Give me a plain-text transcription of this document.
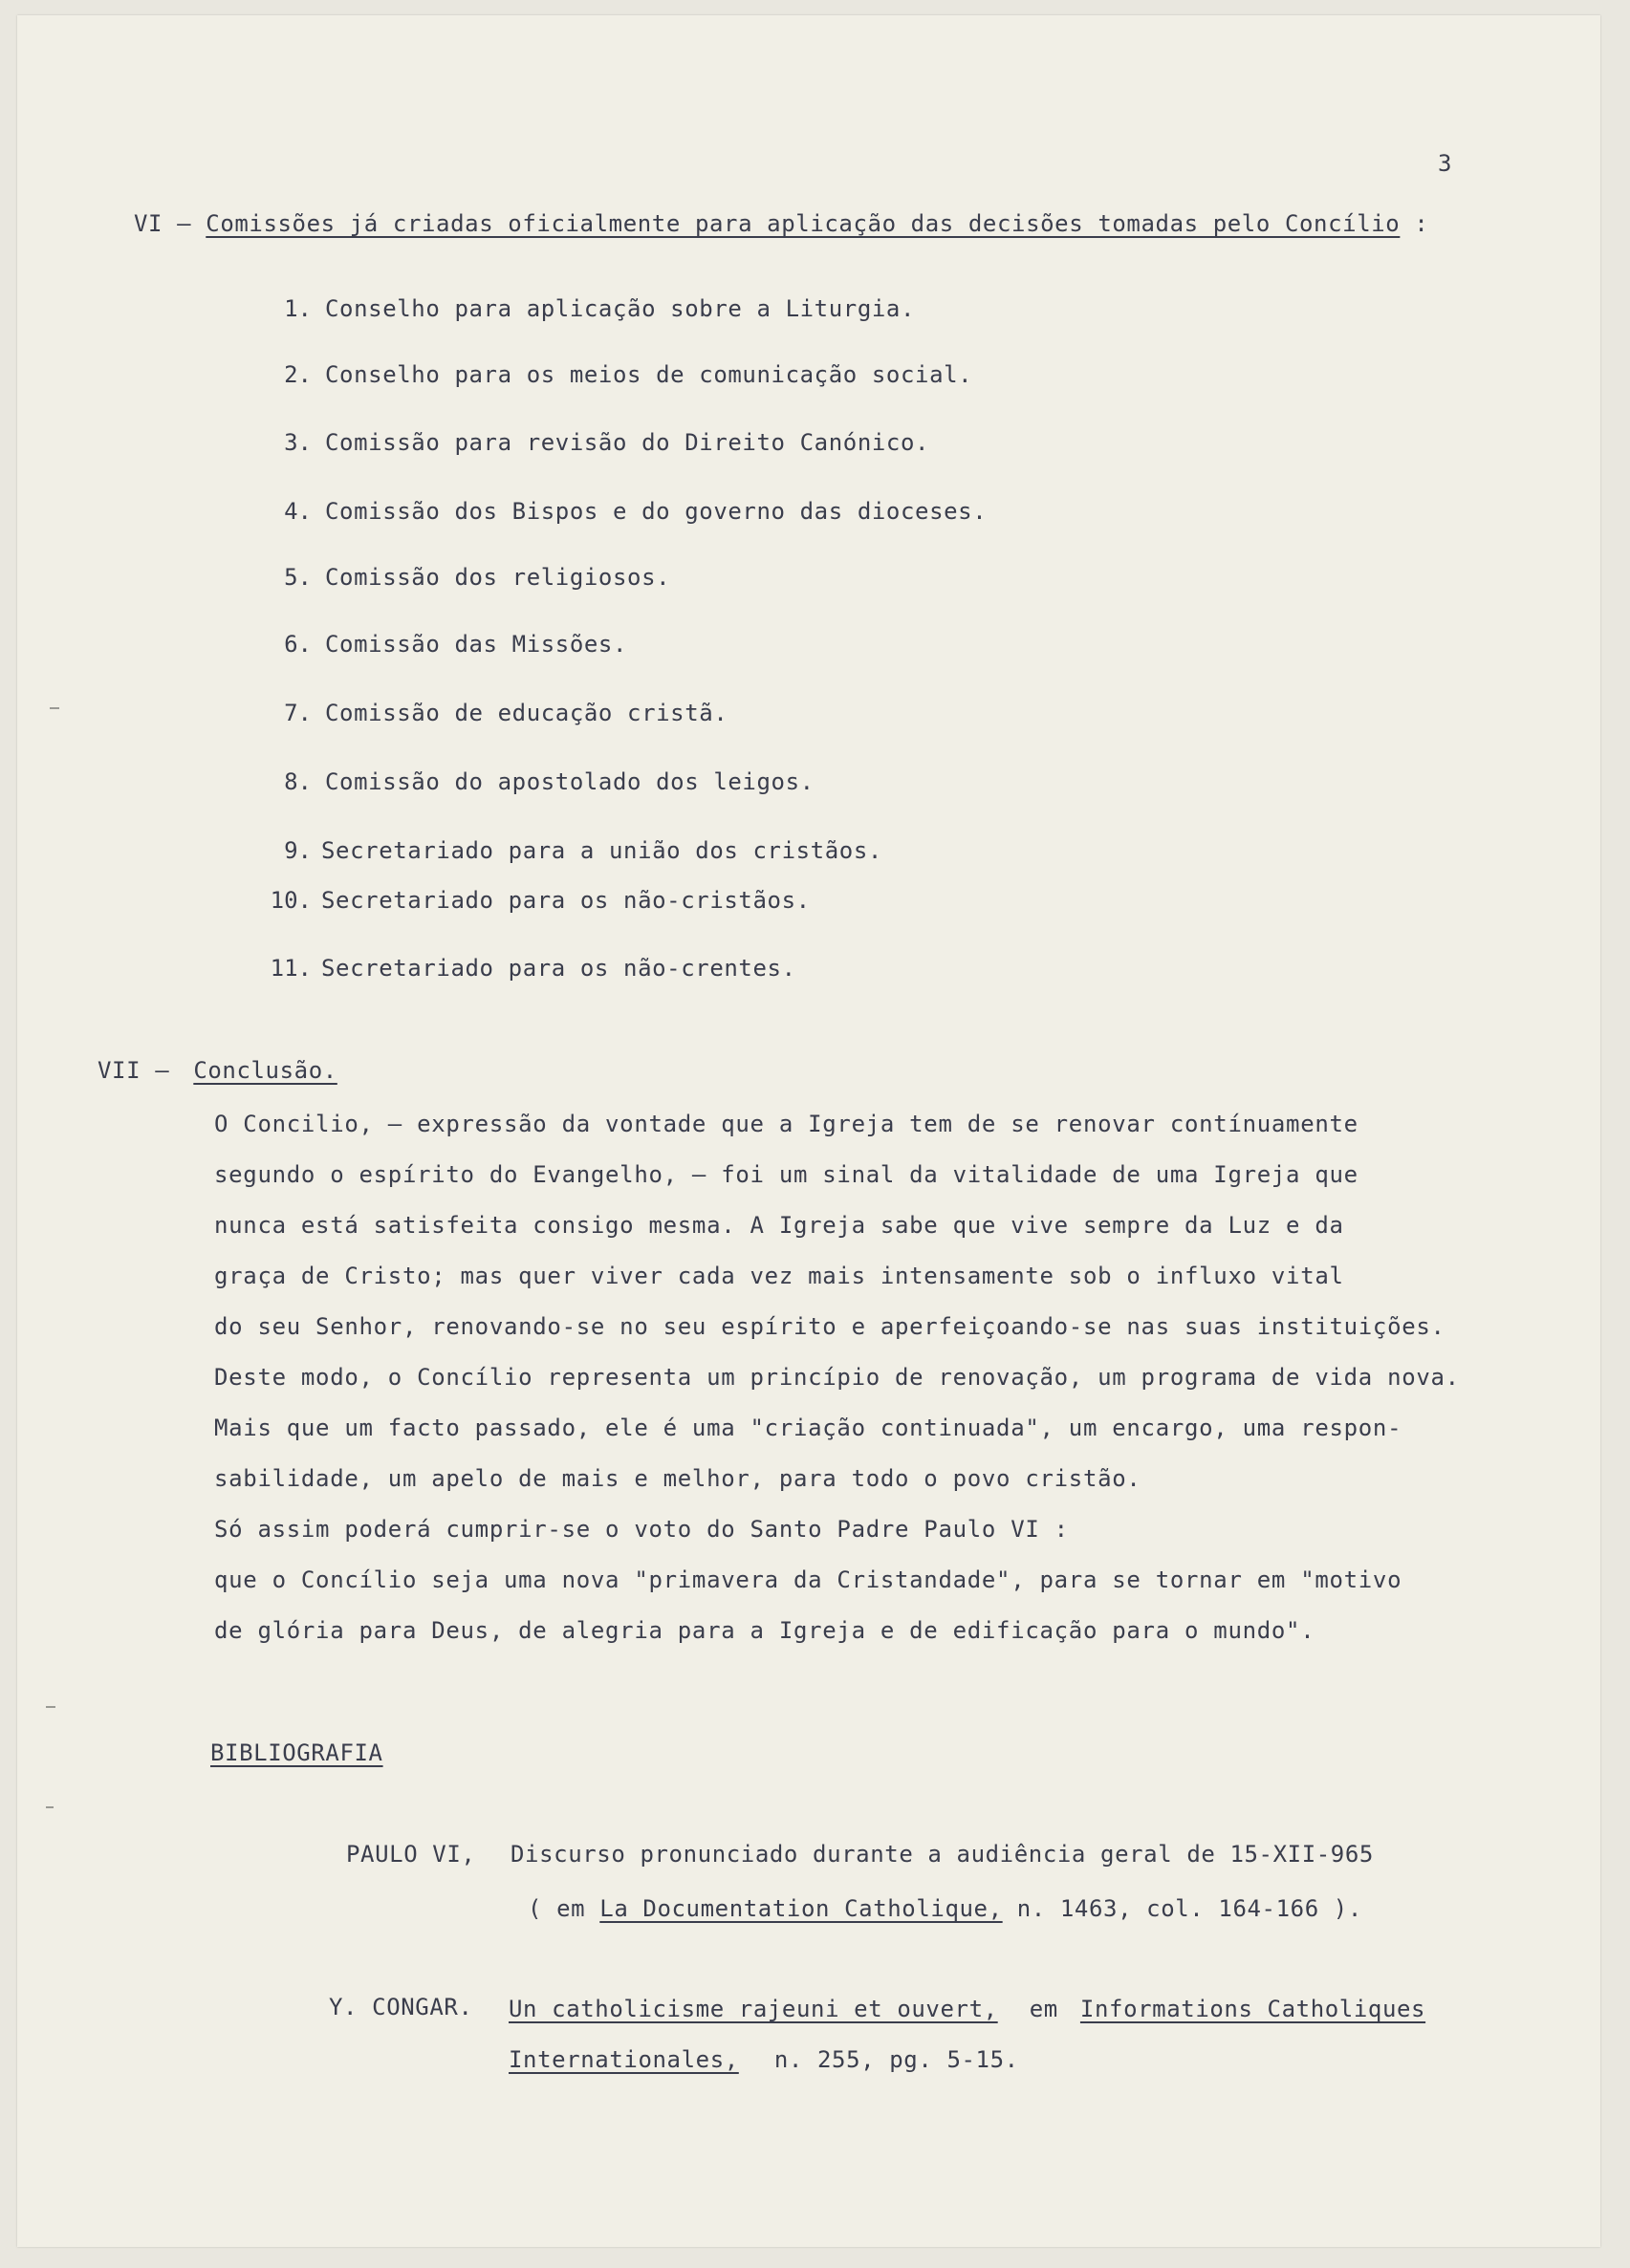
3
VI – Comissões já criadas oficialmente para aplicação das decisões tomadas pelo Concílio :
1. Conselho para aplicação sobre a Liturgia.
2. Conselho para os meios de comunicação social.
3. Comissão para revisão do Direito Canónico.
4. Comissão dos Bispos e do governo das dioceses.
5. Comissão dos religiosos.
6. Comissão das Missões.
7. Comissão de educação cristã.
8. Comissão do apostolado dos leigos.
9. Secretariado para a união dos cristãos.
10. Secretariado para os não-cristãos.
11. Secretariado para os não-crentes.
VII – Conclusão.
O Concilio, – expressão da vontade que a Igreja tem de se renovar contínuamente
segundo o espírito do Evangelho, – foi um sinal da vitalidade de uma Igreja que
nunca está satisfeita consigo mesma. A Igreja sabe que vive sempre da Luz e da
graça de Cristo; mas quer viver cada vez mais intensamente sob o influxo vital
do seu Senhor, renovando-se no seu espírito e aperfeiçoando-se nas suas instituições.
Deste modo, o Concílio representa um princípio de renovação, um programa de vida nova.
Mais que um facto passado, ele é uma "criação continuada", um encargo, uma respon-
sabilidade, um apelo de mais e melhor, para todo o povo cristão.
Só assim poderá cumprir-se o voto do Santo Padre Paulo VI :
que o Concílio seja uma nova "primavera da Cristandade", para se tornar em "motivo
de glória para Deus, de alegria para a Igreja e de edificação para o mundo".
BIBLIOGRAFIA
PAULO VI, Discurso pronunciado durante a audiência geral de 15-XII-965
( em La Documentation Catholique, n. 1463, col. 164-166 ).
Y. CONGAR. Un catholicisme rajeuni et ouvert, em Informations Catholiques
Internationales, n. 255, pg. 5-15.
